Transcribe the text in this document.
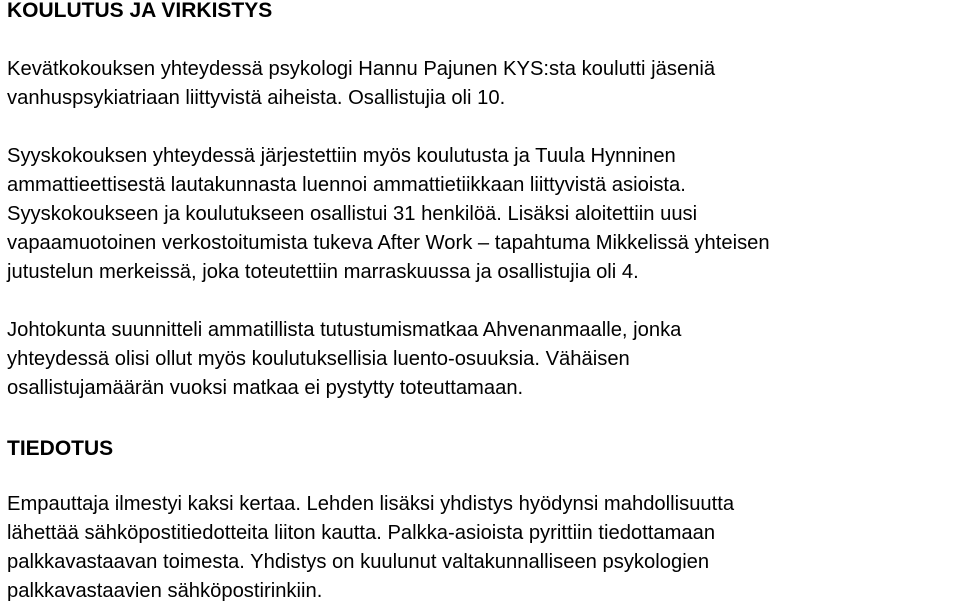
KOULUTUS JA VIRKISTYS

Kevätkokouksen yhteydessä psykologi Hannu Pajunen KYS:sta koulutti jäseniä
vanhuspsykiatriaan liittyvistä aiheista. Osallistujia oli 10.

Syyskokouksen yhteydessä järjestettiin myös koulutusta ja Tuula Hynninen
ammattieettisestä lautakunnasta luennoi ammattietiikkaan liittyvistä asioista.
Syyskokoukseen ja koulutukseen osallistui 31 henkilöä. Lisäksi aloitettiin uusi
vapaamuotoinen verkostoitumista tukeva After Work – tapahtuma Mikkelissä yhteisen
jutustelun merkeissä, joka toteutettiin marraskuussa ja osallistujia oli 4.

Johtokunta suunnitteli ammatillista tutustumismatkaa Ahvenanmaalle, jonka
yhteydessä olisi ollut myös koulutuksellisia luento-osuuksia. Vähäisen
osallistujamäärän vuoksi matkaa ei pystytty toteuttamaan.

TIEDOTUS

Empauttaja ilmestyi kaksi kertaa. Lehden lisäksi yhdistys hyödynsi mahdollisuutta
lähettää sähköpostitiedotteita liiton kautta. Palkka-asioista pyrittiin tiedottamaan
palkkavastaavan toimesta. Yhdistys on kuulunut valtakunnalliseen psykologien
palkkavastaavien sähköpostirinkiin.
